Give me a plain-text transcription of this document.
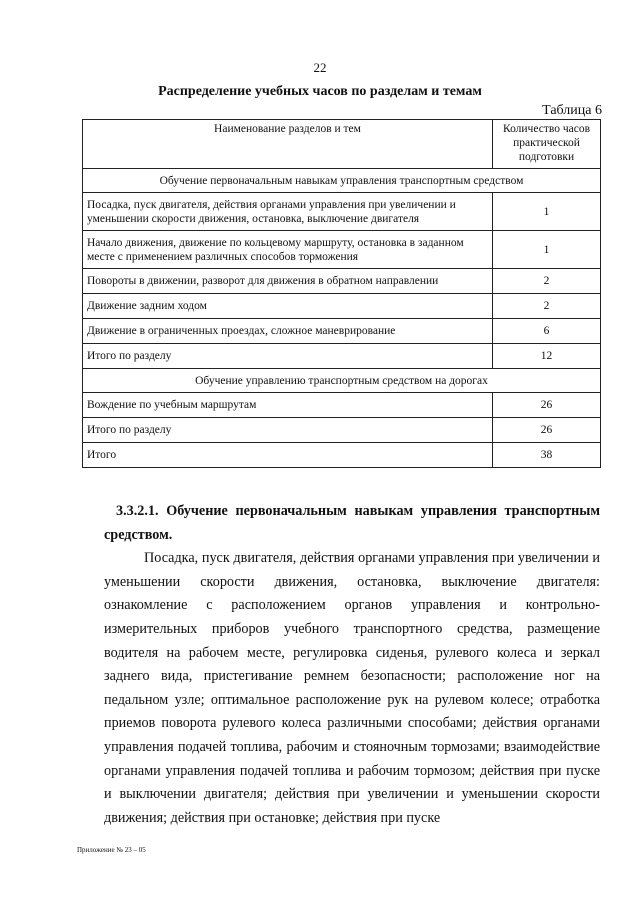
22
Распределение учебных часов по разделам и темам
Таблица 6
Наименование разделов и тем	Количество часов практической подготовки
Обучение первоначальным навыкам управления транспортным средством	
Посадка, пуск двигателя, действия органами управления при увеличении и уменьшении скорости движения, остановка, выключение двигателя	1
Начало движения, движение по кольцевому маршруту, остановка в заданном месте с применением различных способов торможения	1
Повороты в движении, разворот для движения в обратном направлении	2
Движение задним ходом	2
Движение в ограниченных проездах, сложное маневрирование	6
Итого по разделу	12
Обучение управлению транспортным средством на дорогах	
Вождение по учебным маршрутам	26
Итого по разделу	26
Итого	38

3.3.2.1. Обучение первоначальным навыкам управления транспортным средством.

Посадка, пуск двигателя, действия органами управления при увеличении и уменьшении скорости движения, остановка, выключение двигателя: ознакомление с расположением органов управления и контрольно-измерительных приборов учебного транспортного средства, размещение водителя на рабочем месте, регулировка сиденья, рулевого колеса и зеркал заднего вида, пристегивание ремнем безопасности; расположение ног на педальном узле; оптимальное расположение рук на рулевом колесе; отработка приемов поворота рулевого колеса различными способами; действия органами управления подачей топлива, рабочим и стояночным тормозами; взаимодействие органами управления подачей топлива и рабочим тормозом; действия при пуске и выключении двигателя; действия при увеличении и уменьшении скорости движения; действия при остановке; действия при пуске

Приложение № 23 – 05
